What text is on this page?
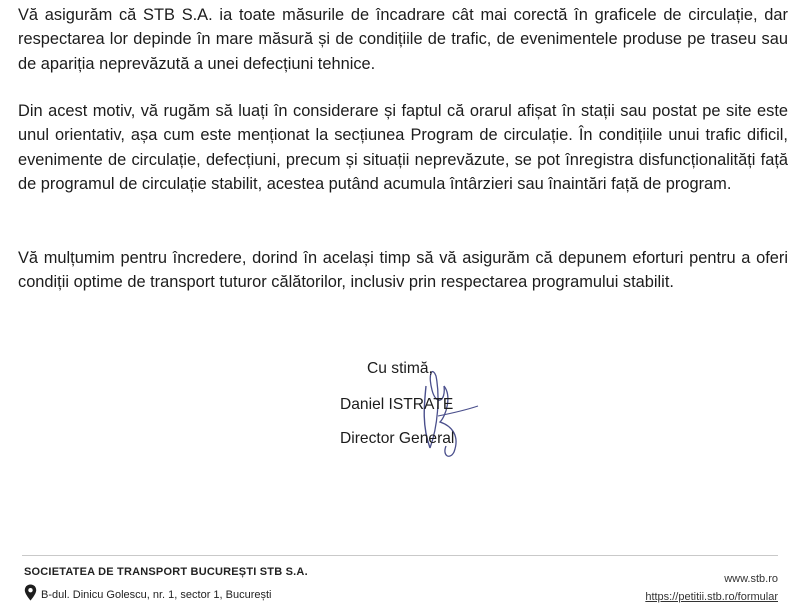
Vă asigurăm că STB S.A. ia toate măsurile de încadrare cât mai corectă în graficele de circulație, dar respectarea lor depinde în mare măsură și de condițiile de trafic, de evenimentele produse pe traseu sau de apariția neprevăzută a unei defecțiuni tehnice.

Din acest motiv, vă rugăm să luați în considerare și faptul că orarul afișat în stații sau postat pe site este unul orientativ, așa cum este menționat la secțiunea Program de circulație. În condițiile unui trafic dificil, evenimente de circulație, defecțiuni, precum și situații neprevăzute, se pot înregistra disfuncționalități față de programul de circulație stabilit, acestea putând acumula întârzieri sau înaintări față de program.

Vă mulțumim pentru încredere, dorind în același timp să vă asigurăm că depunem eforturi pentru a oferi condiții optime de transport tuturor călătorilor, inclusiv prin respectarea programului stabilit.

Cu stimă,
Daniel ISTRATE
Director General
SOCIETATEA DE TRANSPORT BUCUREȘTI STB S.A.
B-dul. Dinicu Golescu, nr. 1, sector 1, București
www.stb.ro
https://petitii.stb.ro/formular
